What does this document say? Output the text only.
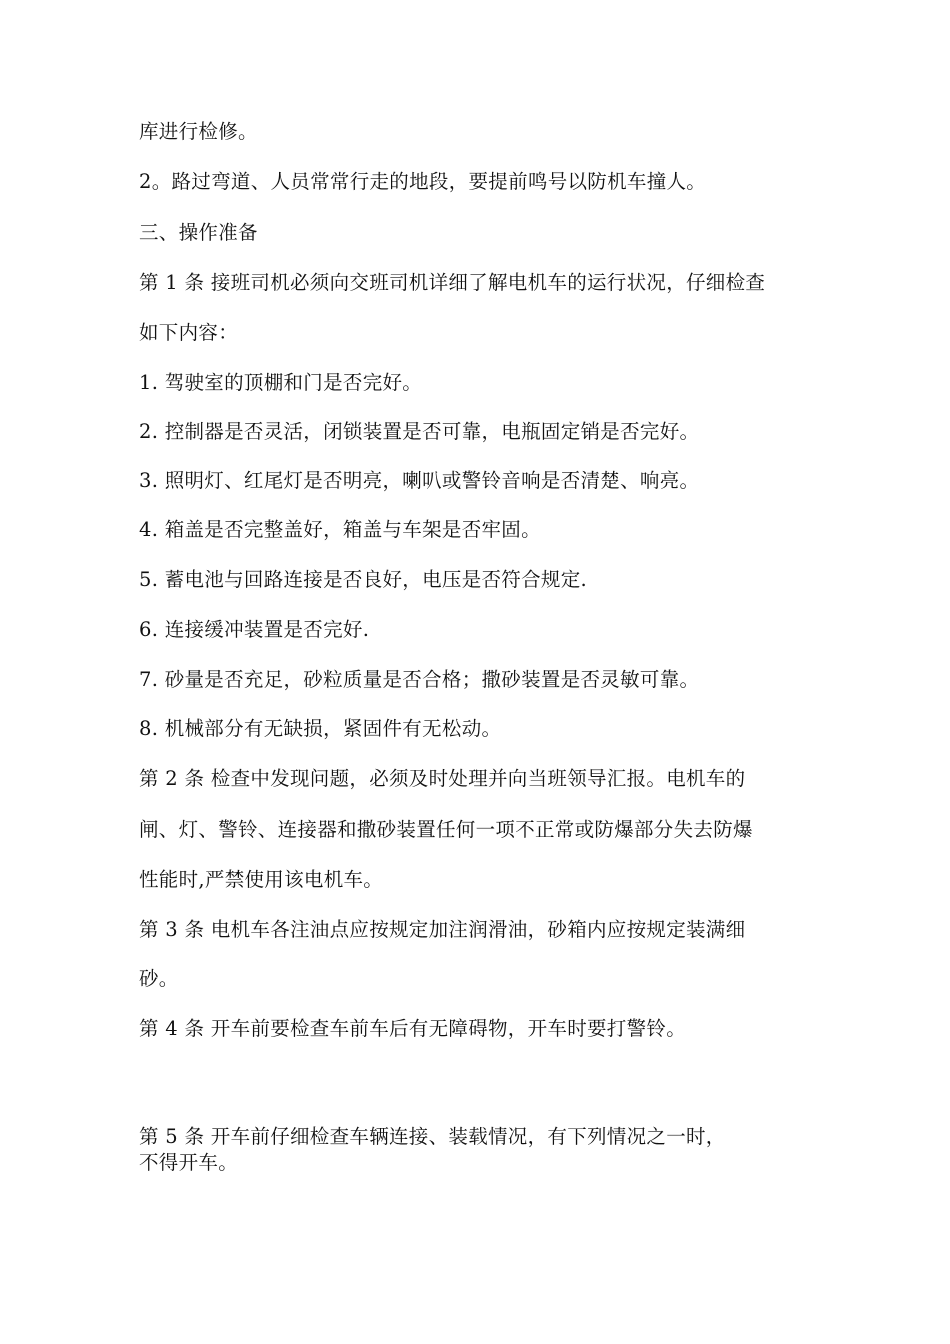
库进行检修。
2。路过弯道、人员常常行走的地段，要提前鸣号以防机车撞人。
三、操作准备
第 1 条 接班司机必须向交班司机详细了解电机车的运行状况，仔细检查
如下内容：
1. 驾驶室的顶棚和门是否完好。
2. 控制器是否灵活，闭锁装置是否可靠，电瓶固定销是否完好。
3. 照明灯、红尾灯是否明亮，喇叭或警铃音响是否清楚、响亮。
4. 箱盖是否完整盖好，箱盖与车架是否牢固。
5. 蓄电池与回路连接是否良好，电压是否符合规定.
6. 连接缓冲装置是否完好.
7. 砂量是否充足，砂粒质量是否合格；撒砂装置是否灵敏可靠。
8. 机械部分有无缺损，紧固件有无松动。
第 2 条 检查中发现问题，必须及时处理并向当班领导汇报。电机车的
闸、灯、警铃、连接器和撒砂装置任何一项不正常或防爆部分失去防爆
性能时,严禁使用该电机车。
第 3 条 电机车各注油点应按规定加注润滑油，砂箱内应按规定装满细
砂。
第 4 条 开车前要检查车前车后有无障碍物，开车时要打警铃。
第 5 条 开车前仔细检查车辆连接、装载情况，有下列情况之一时，
不得开车。
